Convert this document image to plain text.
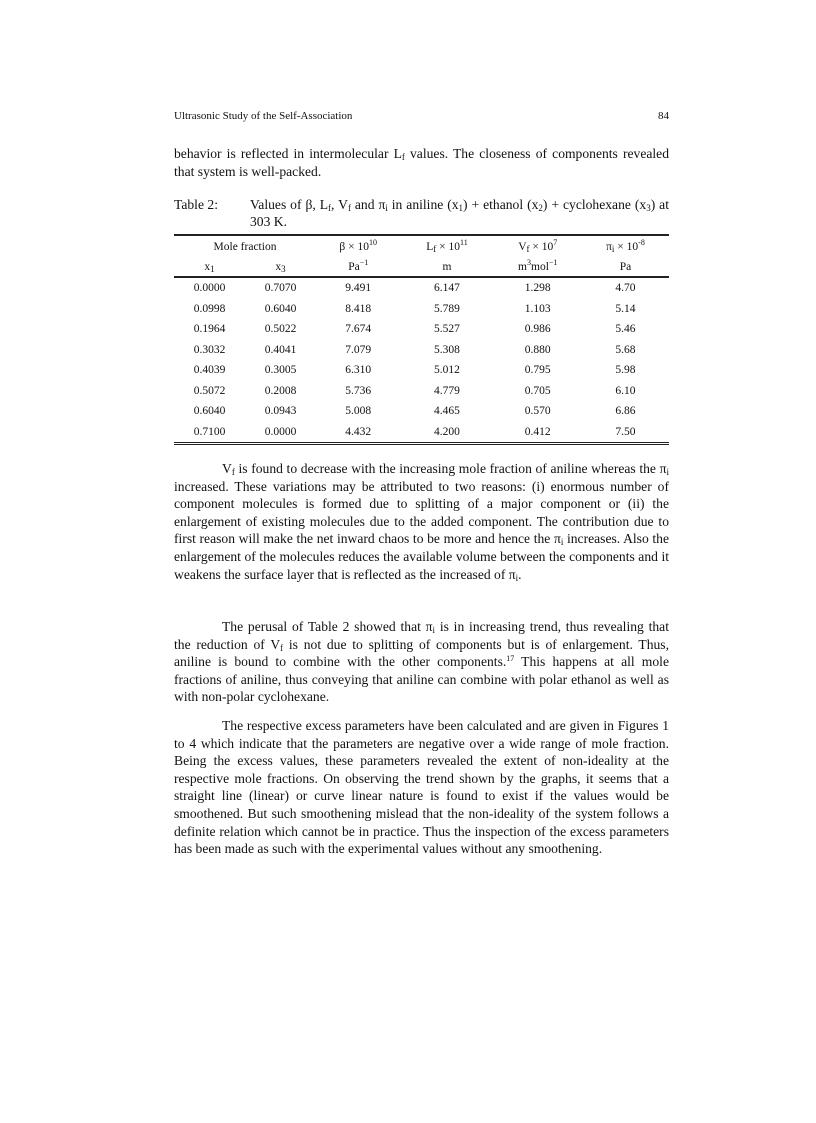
Ultrasonic Study of the Self-Association	84

behavior is reflected in intermolecular $L_f$ values. The closeness of components revealed that system is well-packed.

Table 2:	Values of β, $L_f$, $V_f$ and $\pi_i$ in aniline $(x_1)$ + ethanol $(x_2)$ + cyclohexane $(x_3)$ at 303 K.
Mole fraction		$\beta \times 10^{10}$	$L_f \times 10^{11}$	$V_f \times 10^7$	$\pi_i \times 10^{-8}$
$x_1$	$x_3$	$Pa^{-1}$	m	$m^3mol^{-1}$	Pa
0.0000	0.7070	9.491	6.147	1.298	4.70
0.0998	0.6040	8.418	5.789	1.103	5.14
0.1964	0.5022	7.674	5.527	0.986	5.46
0.3032	0.4041	7.079	5.308	0.880	5.68
0.4039	0.3005	6.310	5.012	0.795	5.98
0.5072	0.2008	5.736	4.779	0.705	6.10
0.6040	0.0943	5.008	4.465	0.570	6.86
0.7100	0.0000	4.432	4.200	0.412	7.50

$V_f$ is found to decrease with the increasing mole fraction of aniline whereas the $\pi_i$ increased. These variations may be attributed to two reasons: (i) enormous number of component molecules is formed due to splitting of a major component or (ii) the enlargement of existing molecules due to the added component. The contribution due to first reason will make the net inward chaos to be more and hence the $\pi_i$ increases. Also the enlargement of the molecules reduces the available volume between the components and it weakens the surface layer that is reflected as the increased of $\pi_i$.

The perusal of Table 2 showed that $\pi_i$ is in increasing trend, thus revealing that the reduction of $V_f$ is not due to splitting of components but is of enlargement. Thus, aniline is bound to combine with the other components.$^{17}$ This happens at all mole fractions of aniline, thus conveying that aniline can combine with polar ethanol as well as with non-polar cyclohexane.

The respective excess parameters have been calculated and are given in Figures 1 to 4 which indicate that the parameters are negative over a wide range of mole fraction. Being the excess values, these parameters revealed the extent of non-ideality at the respective mole fractions. On observing the trend shown by the graphs, it seems that a straight line (linear) or curve linear nature is found to exist if the values would be smoothened. But such smoothening mislead that the non-ideality of the system follows a definite relation which cannot be in practice. Thus the inspection of the excess parameters has been made as such with the experimental values without any smoothening.
